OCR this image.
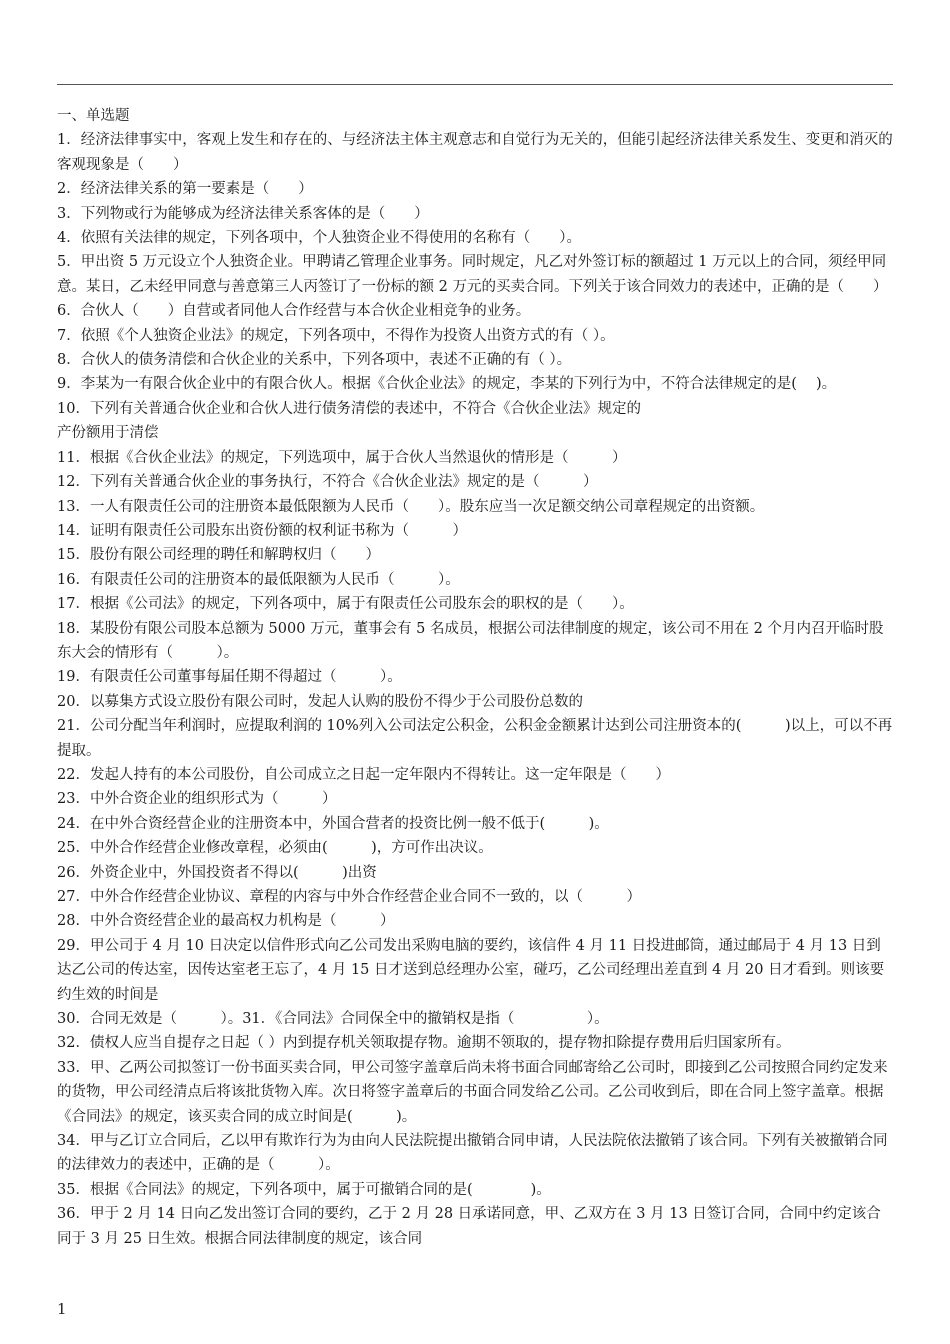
一、单选题

1．经济法律事实中，客观上发生和存在的、与经济法主体主观意志和自觉行为无关的，但能引起经济法律关系发生、变更和消灭的客观现象是（　　）

2．经济法律关系的第一要素是（　　）

3．下列物或行为能够成为经济法律关系客体的是（　　）

4．依照有关法律的规定，下列各项中，个人独资企业不得使用的名称有（　　）。

5．甲出资 5 万元设立个人独资企业。甲聘请乙管理企业事务。同时规定，凡乙对外签订标的额超过 1 万元以上的合同，须经甲同意。某日，乙未经甲同意与善意第三人丙签订了一份标的额 2 万元的买卖合同。下列关于该合同效力的表述中，正确的是（　　）

6．合伙人（　　）自营或者同他人合作经营与本合伙企业相竞争的业务。

7．依照《个人独资企业法》的规定，下列各项中，不得作为投资人出资方式的有（ ）。

8．合伙人的债务清偿和合伙企业的关系中，下列各项中，表述不正确的有（ ）。

9．李某为一有限合伙企业中的有限合伙人。根据《合伙企业法》的规定，李某的下列行为中，不符合法律规定的是(　 )。

10．下列有关普通合伙企业和合伙人进行债务清偿的表述中，不符合《合伙企业法》规定的

产份额用于清偿

11．根据《合伙企业法》的规定，下列选项中，属于合伙人当然退伙的情形是（　　　）

12．下列有关普通合伙企业的事务执行，不符合《合伙企业法》规定的是（　　　）

13．一人有限责任公司的注册资本最低限额为人民币（　　）。股东应当一次足额交纳公司章程规定的出资额。

14．证明有限责任公司股东出资份额的权利证书称为（　　　）

15．股份有限公司经理的聘任和解聘权归（　　）

16．有限责任公司的注册资本的最低限额为人民币（　　　）。

17．根据《公司法》的规定，下列各项中，属于有限责任公司股东会的职权的是（　　）。

18．某股份有限公司股本总额为 5000 万元，董事会有 5 名成员，根据公司法律制度的规定，该公司不用在 2 个月内召开临时股东大会的情形有（　　　）。

19．有限责任公司董事每届任期不得超过（　　　）。

20．以募集方式设立股份有限公司时，发起人认购的股份不得少于公司股份总数的

21．公司分配当年利润时，应提取利润的 10%列入公司法定公积金，公积金金额累计达到公司注册资本的(　　　)以上，可以不再提取。

22．发起人持有的本公司股份，自公司成立之日起一定年限内不得转让。这一定年限是（　　）

23．中外合资企业的组织形式为（　　　）

24．在中外合资经营企业的注册资本中，外国合营者的投资比例一般不低于(　　　)。

25．中外合作经营企业修改章程，必须由(　　　)，方可作出决议。

26．外资企业中，外国投资者不得以(　　　)出资

27．中外合作经营企业协议、章程的内容与中外合作经营企业合同不一致的，以（　　　）

28．中外合资经营企业的最高权力机构是（　　　）

29．甲公司于 4 月 10 日决定以信件形式向乙公司发出采购电脑的要约，该信件 4 月 11 日投进邮筒，通过邮局于 4 月 13 日到达乙公司的传达室，因传达室老王忘了，4 月 15 日才送到总经理办公室，碰巧，乙公司经理出差直到 4 月 20 日才看到。则该要约生效的时间是

30．合同无效是（　　　）。31．《合同法》合同保全中的撤销权是指（　　　　　）。

32．债权人应当自提存之日起（ ）内到提存机关领取提存物。逾期不领取的，提存物扣除提存费用后归国家所有。

33．甲、乙两公司拟签订一份书面买卖合同，甲公司签字盖章后尚未将书面合同邮寄给乙公司时，即接到乙公司按照合同约定发来的货物，甲公司经清点后将该批货物入库。次日将签字盖章后的书面合同发给乙公司。乙公司收到后，即在合同上签字盖章。根据《合同法》的规定，该买卖合同的成立时间是(　　　)。

34．甲与乙订立合同后，乙以甲有欺诈行为为由向人民法院提出撤销合同申请，人民法院依法撤销了该合同。下列有关被撤销合同的法律效力的表述中，正确的是（　　　）。

35．根据《合同法》的规定，下列各项中，属于可撤销合同的是(　　　　)。

36．甲于 2 月 14 日向乙发出签订合同的要约，乙于 2 月 28 日承诺同意，甲、乙双方在 3 月 13 日签订合同，合同中约定该合同于 3 月 25 日生效。根据合同法律制度的规定，该合同

1
